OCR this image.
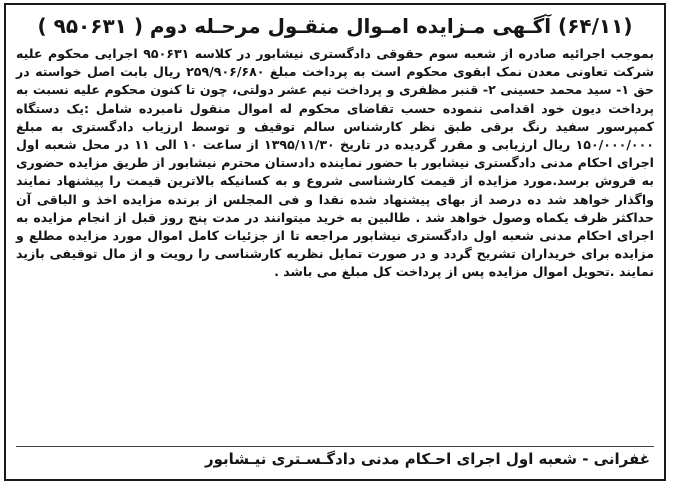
(۶۴/۱۱) آگـهی مـزایده امـوال منقـول مرحـله دوم ( ۹۵۰۶۳۱ )
بموجب اجرائیه صادره از شعبه سوم حقوقی دادگستری نیشابور در کلاسه ۹۵۰۶۳۱ اجرایی محکوم علیه شرکت تعاونی معدن نمک ابقوی محکوم است به پرداخت مبلغ ۲۵۹/۹۰۶/۶۸۰ ریال بابت اصل خواسته در حق ۱- سید محمد حسینی ۲- قنبر مظفری و پرداخت نیم عشر دولتی، چون تا کنون محکوم علیه نسبت به پرداخت دیون خود اقدامی ننموده حسب تقاضای محکوم له اموال منقول نامبرده شامل :یک دستگاه کمپرسور سفید رنگ برقی طبق نظر کارشناس سالم توقیف و توسط ارزیاب دادگستری به مبلغ ۱۵۰/۰۰۰/۰۰۰ ریال ارزیابی و مقرر گردیده در تاریخ ۱۳۹۵/۱۱/۳۰ از ساعت ۱۰ الی ۱۱ در محل شعبه اول اجرای احکام مدنی دادگستری نیشابور با حضور نماینده دادستان محترم نیشابور از طریق مزایده حضوری به فروش برسد.مورد مزایده از قیمت کارشناسی شروع و به کسانیکه بالاترین قیمت را پیشنهاد نمایند واگذار خواهد شد ده درصد از بهای پیشنهاد شده نقدا و فی المجلس از برنده مزایده اخذ و الباقی آن حداکثر ظرف یکماه وصول خواهد شد . طالبین به خرید میتوانند در مدت پنج روز قبل از انجام مزایده به اجرای احکام مدنی شعبه اول دادگستری نیشابور مراجعه تا از جزئیات کامل اموال مورد مزایده مطلع و مزایده برای خریداران تشریح گردد و در صورت تمایل نظریه کارشناسی را رویت و از مال توقیفی بازید نمایند .تحویل اموال مزایده پس از پرداخت کل مبلغ می باشد .
غفرانی - شعبه اول اجرای احـکام مدنی دادگـسـتری نیـشابور
